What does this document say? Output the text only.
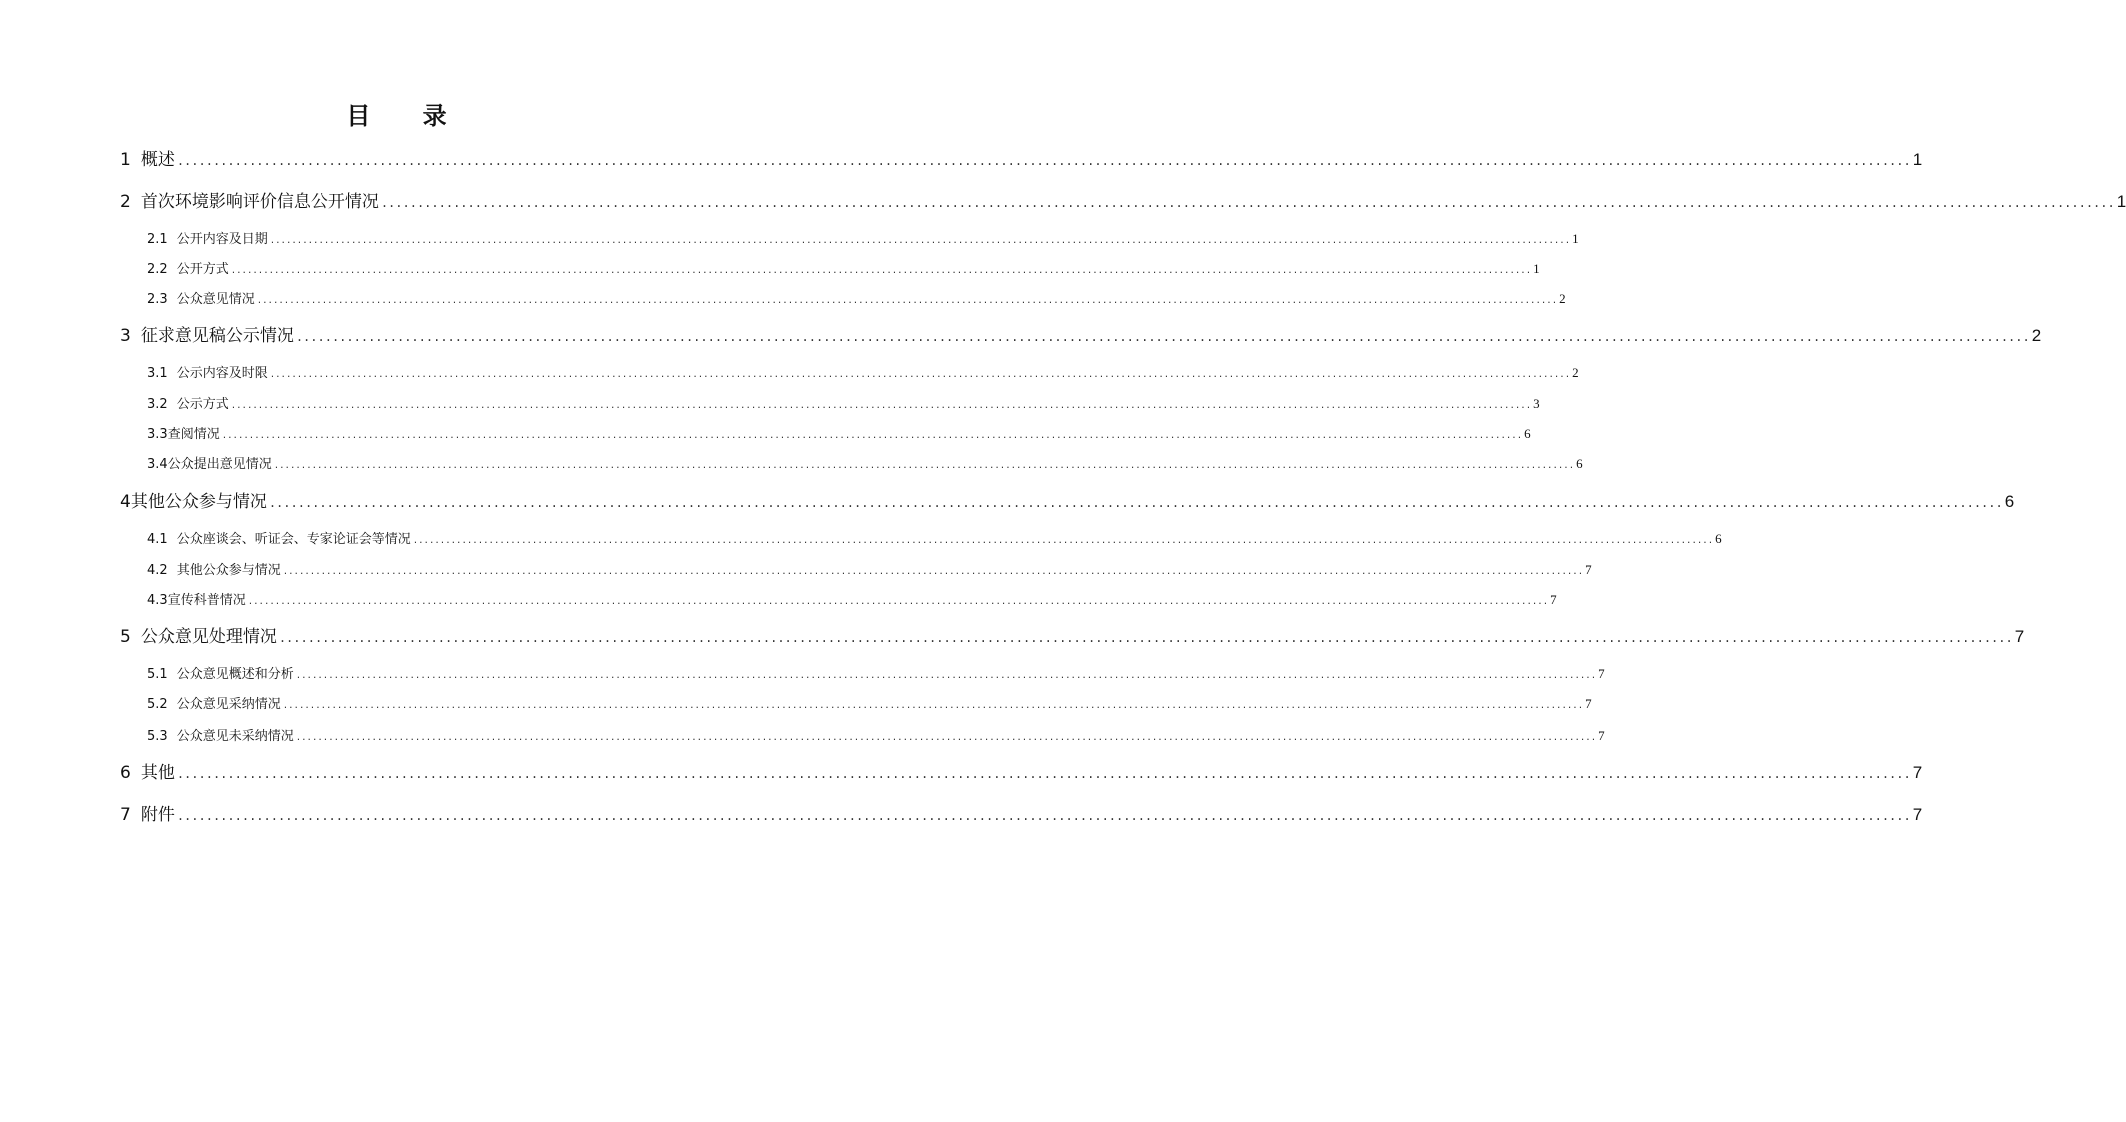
目 录
1 概述 ................................................................................................................................................................................................................................................ 1
2 首次环境影响评价信息公开情况 ................................................................................................................................................................................................................................................ 1
2.1 公开内容及日期 ................................................................................................................................................................................................................................................ 1
2.2 公开方式 ................................................................................................................................................................................................................................................ 1
2.3 公众意见情况 ................................................................................................................................................................................................................................................ 2
3 征求意见稿公示情况 ................................................................................................................................................................................................................................................ 2
3.1 公示内容及时限 ................................................................................................................................................................................................................................................ 2
3.2 公示方式 ................................................................................................................................................................................................................................................ 3
3.3 查阅情况 ................................................................................................................................................................................................................................................ 6
3.4 公众提出意见情况 ................................................................................................................................................................................................................................................ 6
4 其他公众参与情况 ................................................................................................................................................................................................................................................ 6
4.1 公众座谈会、听证会、专家论证会等情况 ................................................................................................................................................................................................................................................ 6
4.2 其他公众参与情况 ................................................................................................................................................................................................................................................ 7
4.3 宣传科普情况 ................................................................................................................................................................................................................................................ 7
5 公众意见处理情况 ................................................................................................................................................................................................................................................ 7
5.1 公众意见概述和分析 ................................................................................................................................................................................................................................................ 7
5.2 公众意见采纳情况 ................................................................................................................................................................................................................................................ 7
5.3 公众意见未采纳情况 ................................................................................................................................................................................................................................................ 7
6 其他 ................................................................................................................................................................................................................................................ 7
7 附件 ................................................................................................................................................................................................................................................ 7
